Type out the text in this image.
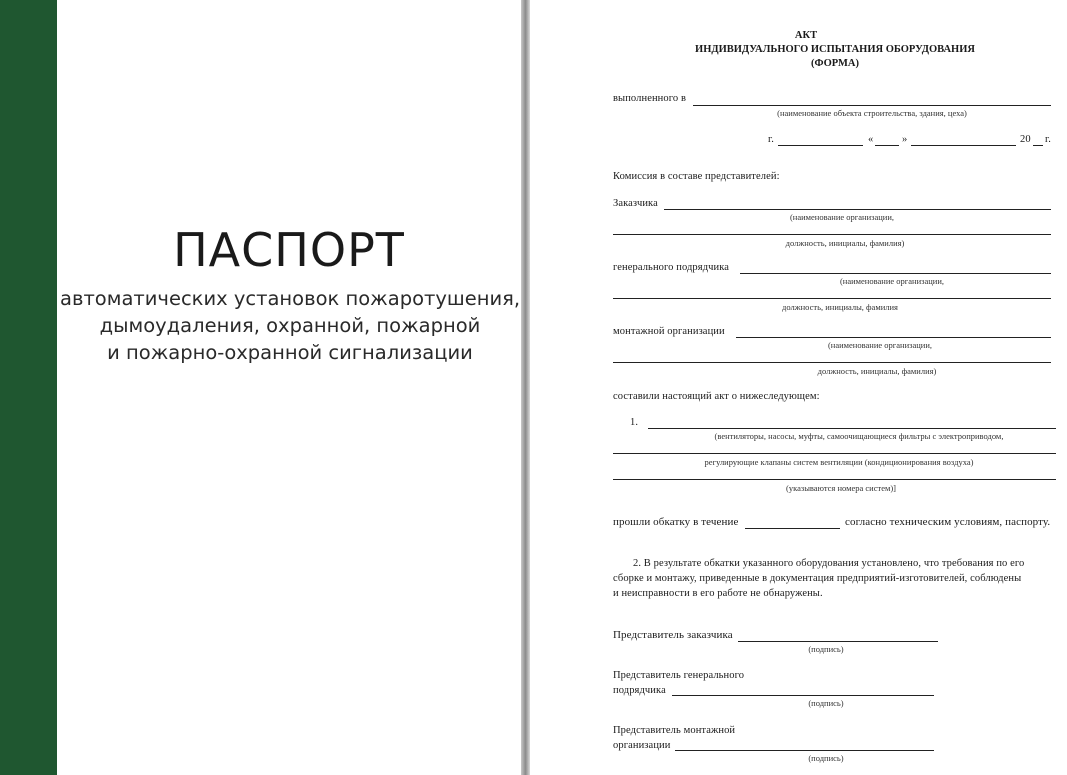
ПАСПОРТ
автоматических установок пожаротушения,
дымоудаления, охранной, пожарной
и пожарно-охранной сигнализации
АКТ
ИНДИВИДУАЛЬНОГО ИСПЫТАНИЯ ОБОРУДОВАНИЯ
(ФОРМА)
выполненного в
(наименование объекта строительства, здания, цеха)
г.	«	»	20 г.
Комиссия в составе представителей:
Заказчика
(наименование организации,
должность, инициалы, фамилия)
генерального подрядчика
(наименование организации,
должность, инициалы, фамилия
монтажной организации
(наименование организации,
должность, инициалы, фамилия)
составили настоящий акт о нижеследующем:
1.
(вентиляторы, насосы, муфты, самоочищающиеся фильтры с электроприводом,
регулирующие клапаны систем вентиляции (кондиционирования воздуха)
(указываются номера систем)]
прошли обкатку в течение	согласно техническим условиям, паспорту.
2. В результате обкатки указанного оборудования установлено, что требования по его
сборке и монтажу, приведенные в документация предприятий-изготовителей, соблюдены
и неисправности в его работе не обнаружены.
Представитель заказчика
(подпись)
Представитель генерального
подрядчика
(подпись)
Представитель монтажной
организации
(подпись)
